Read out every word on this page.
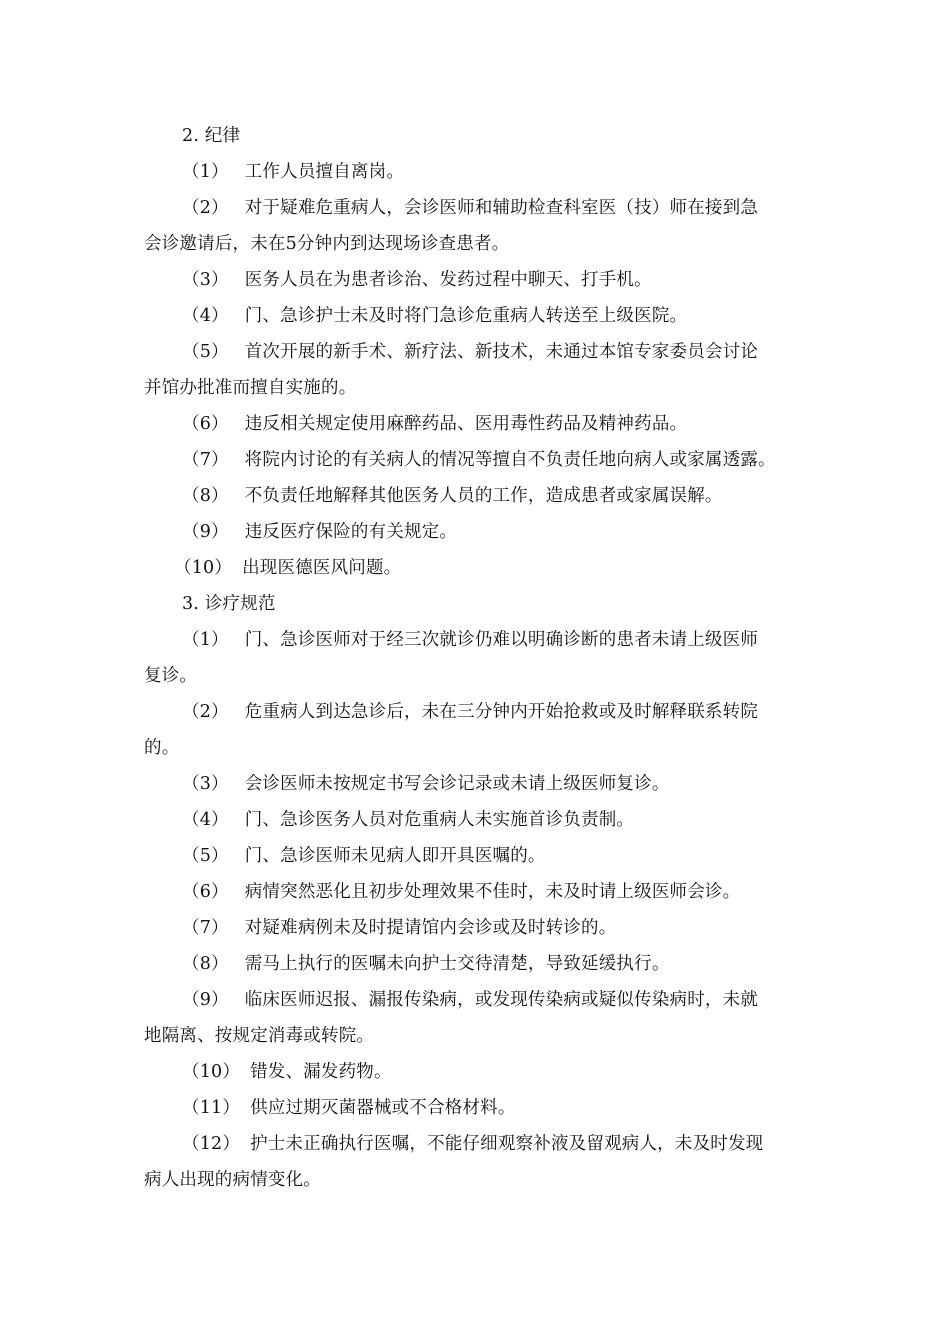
2. 纪律
（1） 工作人员擅自离岗。
（2） 对于疑难危重病人，会诊医师和辅助检查科室医（技）师在接到急
会诊邀请后，未在5分钟内到达现场诊查患者。
（3） 医务人员在为患者诊治、发药过程中聊天、打手机。
（4） 门、急诊护士未及时将门急诊危重病人转送至上级医院。
（5） 首次开展的新手术、新疗法、新技术，未通过本馆专家委员会讨论
并馆办批准而擅自实施的。
（6） 违反相关规定使用麻醉药品、医用毒性药品及精神药品。
（7） 将院内讨论的有关病人的情况等擅自不负责任地向病人或家属透露。
（8） 不负责任地解释其他医务人员的工作，造成患者或家属误解。
（9） 违反医疗保险的有关规定。
（10） 出现医德医风问题。
3. 诊疗规范
（1） 门、急诊医师对于经三次就诊仍难以明确诊断的患者未请上级医师
复诊。
（2） 危重病人到达急诊后，未在三分钟内开始抢救或及时解释联系转院
的。
（3） 会诊医师未按规定书写会诊记录或未请上级医师复诊。
（4） 门、急诊医务人员对危重病人未实施首诊负责制。
（5） 门、急诊医师未见病人即开具医嘱的。
（6） 病情突然恶化且初步处理效果不佳时，未及时请上级医师会诊。
（7） 对疑难病例未及时提请馆内会诊或及时转诊的。
（8） 需马上执行的医嘱未向护士交待清楚，导致延缓执行。
（9） 临床医师迟报、漏报传染病，或发现传染病或疑似传染病时，未就
地隔离、按规定消毒或转院。
（10） 错发、漏发药物。
（11） 供应过期灭菌器械或不合格材料。
（12） 护士未正确执行医嘱，不能仔细观察补液及留观病人，未及时发现
病人出现的病情变化。
